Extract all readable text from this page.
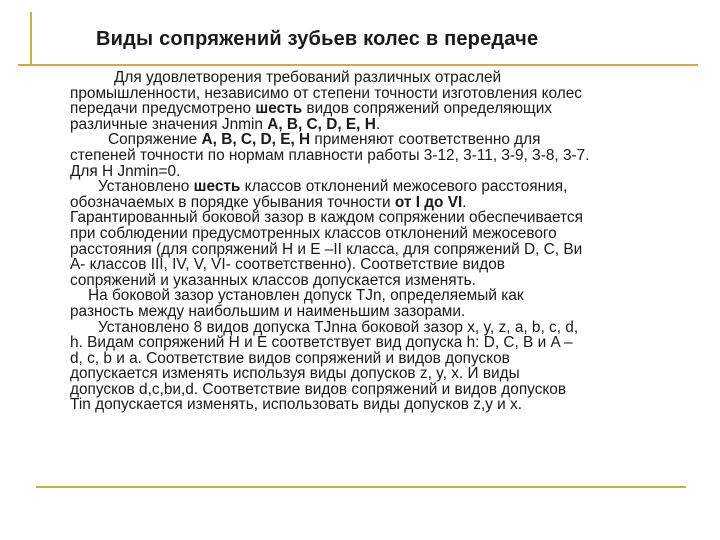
Виды сопряжений зубьев колес в передаче
Для удовлетворения требований различных отраслей
промышленности, независимо от степени точности изготовления колес
передачи предусмотрено шесть видов сопряжений определяющих
различные значения Jnmin A, B, C, D, E, H.
Сопряжение A, B, C, D, E, H применяют соответственно для
степеней точности по нормам плавности работы 3-12, 3-11, 3-9, 3-8, 3-7.
Для H Jnmin=0.
Установлено шесть классов отклонений межосевого расстояния,
обозначаемых в порядке убывания точности от I до VI.
Гарантированный боковой зазор в каждом сопряжении обеспечивается
при соблюдении предусмотренных классов отклонений межосевого
расстояния (для сопряжений H и E –II класса, для сопряжений D, C, Ви
A- классов III, IV, V, VI- соответственно). Соответствие видов
сопряжений и указанных классов допускается изменять.
На боковой зазор установлен допуск TJn, определяемый как
разность между наибольшим и наименьшим зазорами.
Установлено 8 видов допуска TJnна боковой зазор x, y, z, a, b, c, d,
h. Видам сопряжений H и E соответствует вид допуска h: D, C, B и A –
d, c, b и a. Соответствие видов сопряжений и видов допусков
допускается изменять используя виды допусков z, y, x. И виды
допусков d,c,bи,d. Соответствие видов сопряжений и видов допусков
Tin допускается изменять, использовать виды допусков z,y и x.
